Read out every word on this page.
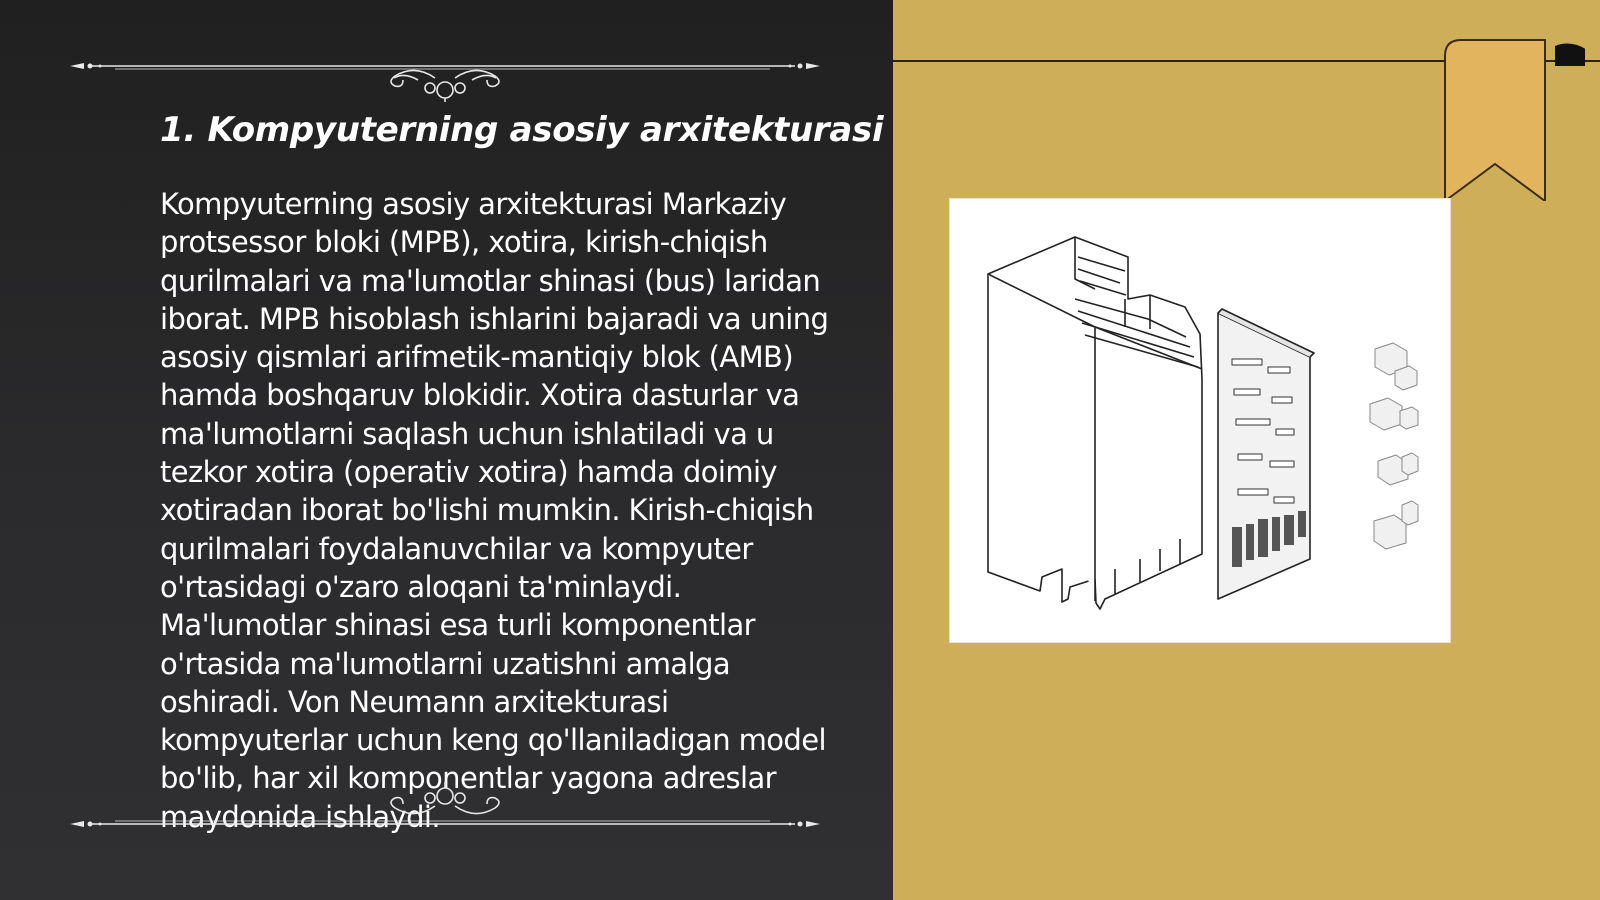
1. Kompyuterning asosiy arxitekturasi

Kompyuterning asosiy arxitekturasi Markaziy protsessor bloki (MPB), xotira, kirish-chiqish qurilmalari va ma'lumotlar shinasi (bus) laridan iborat. MPB hisoblash ishlarini bajaradi va uning asosiy qismlari arifmetik-mantiqiy blok (AMB) hamda boshqaruv blokidir. Xotira dasturlar va ma'lumotlarni saqlash uchun ishlatiladi va u tezkor xotira (operativ xotira) hamda doimiy xotiradan iborat bo'lishi mumkin. Kirish-chiqish qurilmalari foydalanuvchilar va kompyuter o'rtasidagi o'zaro aloqani ta'minlaydi. Ma'lumotlar shinasi esa turli komponentlar o'rtasida ma'lumotlarni uzatishni amalga oshiradi. Von Neumann arxitekturasi kompyuterlar uchun keng qo'llaniladigan model bo'lib, har xil komponentlar yagona adreslar maydonida ishlaydi.
